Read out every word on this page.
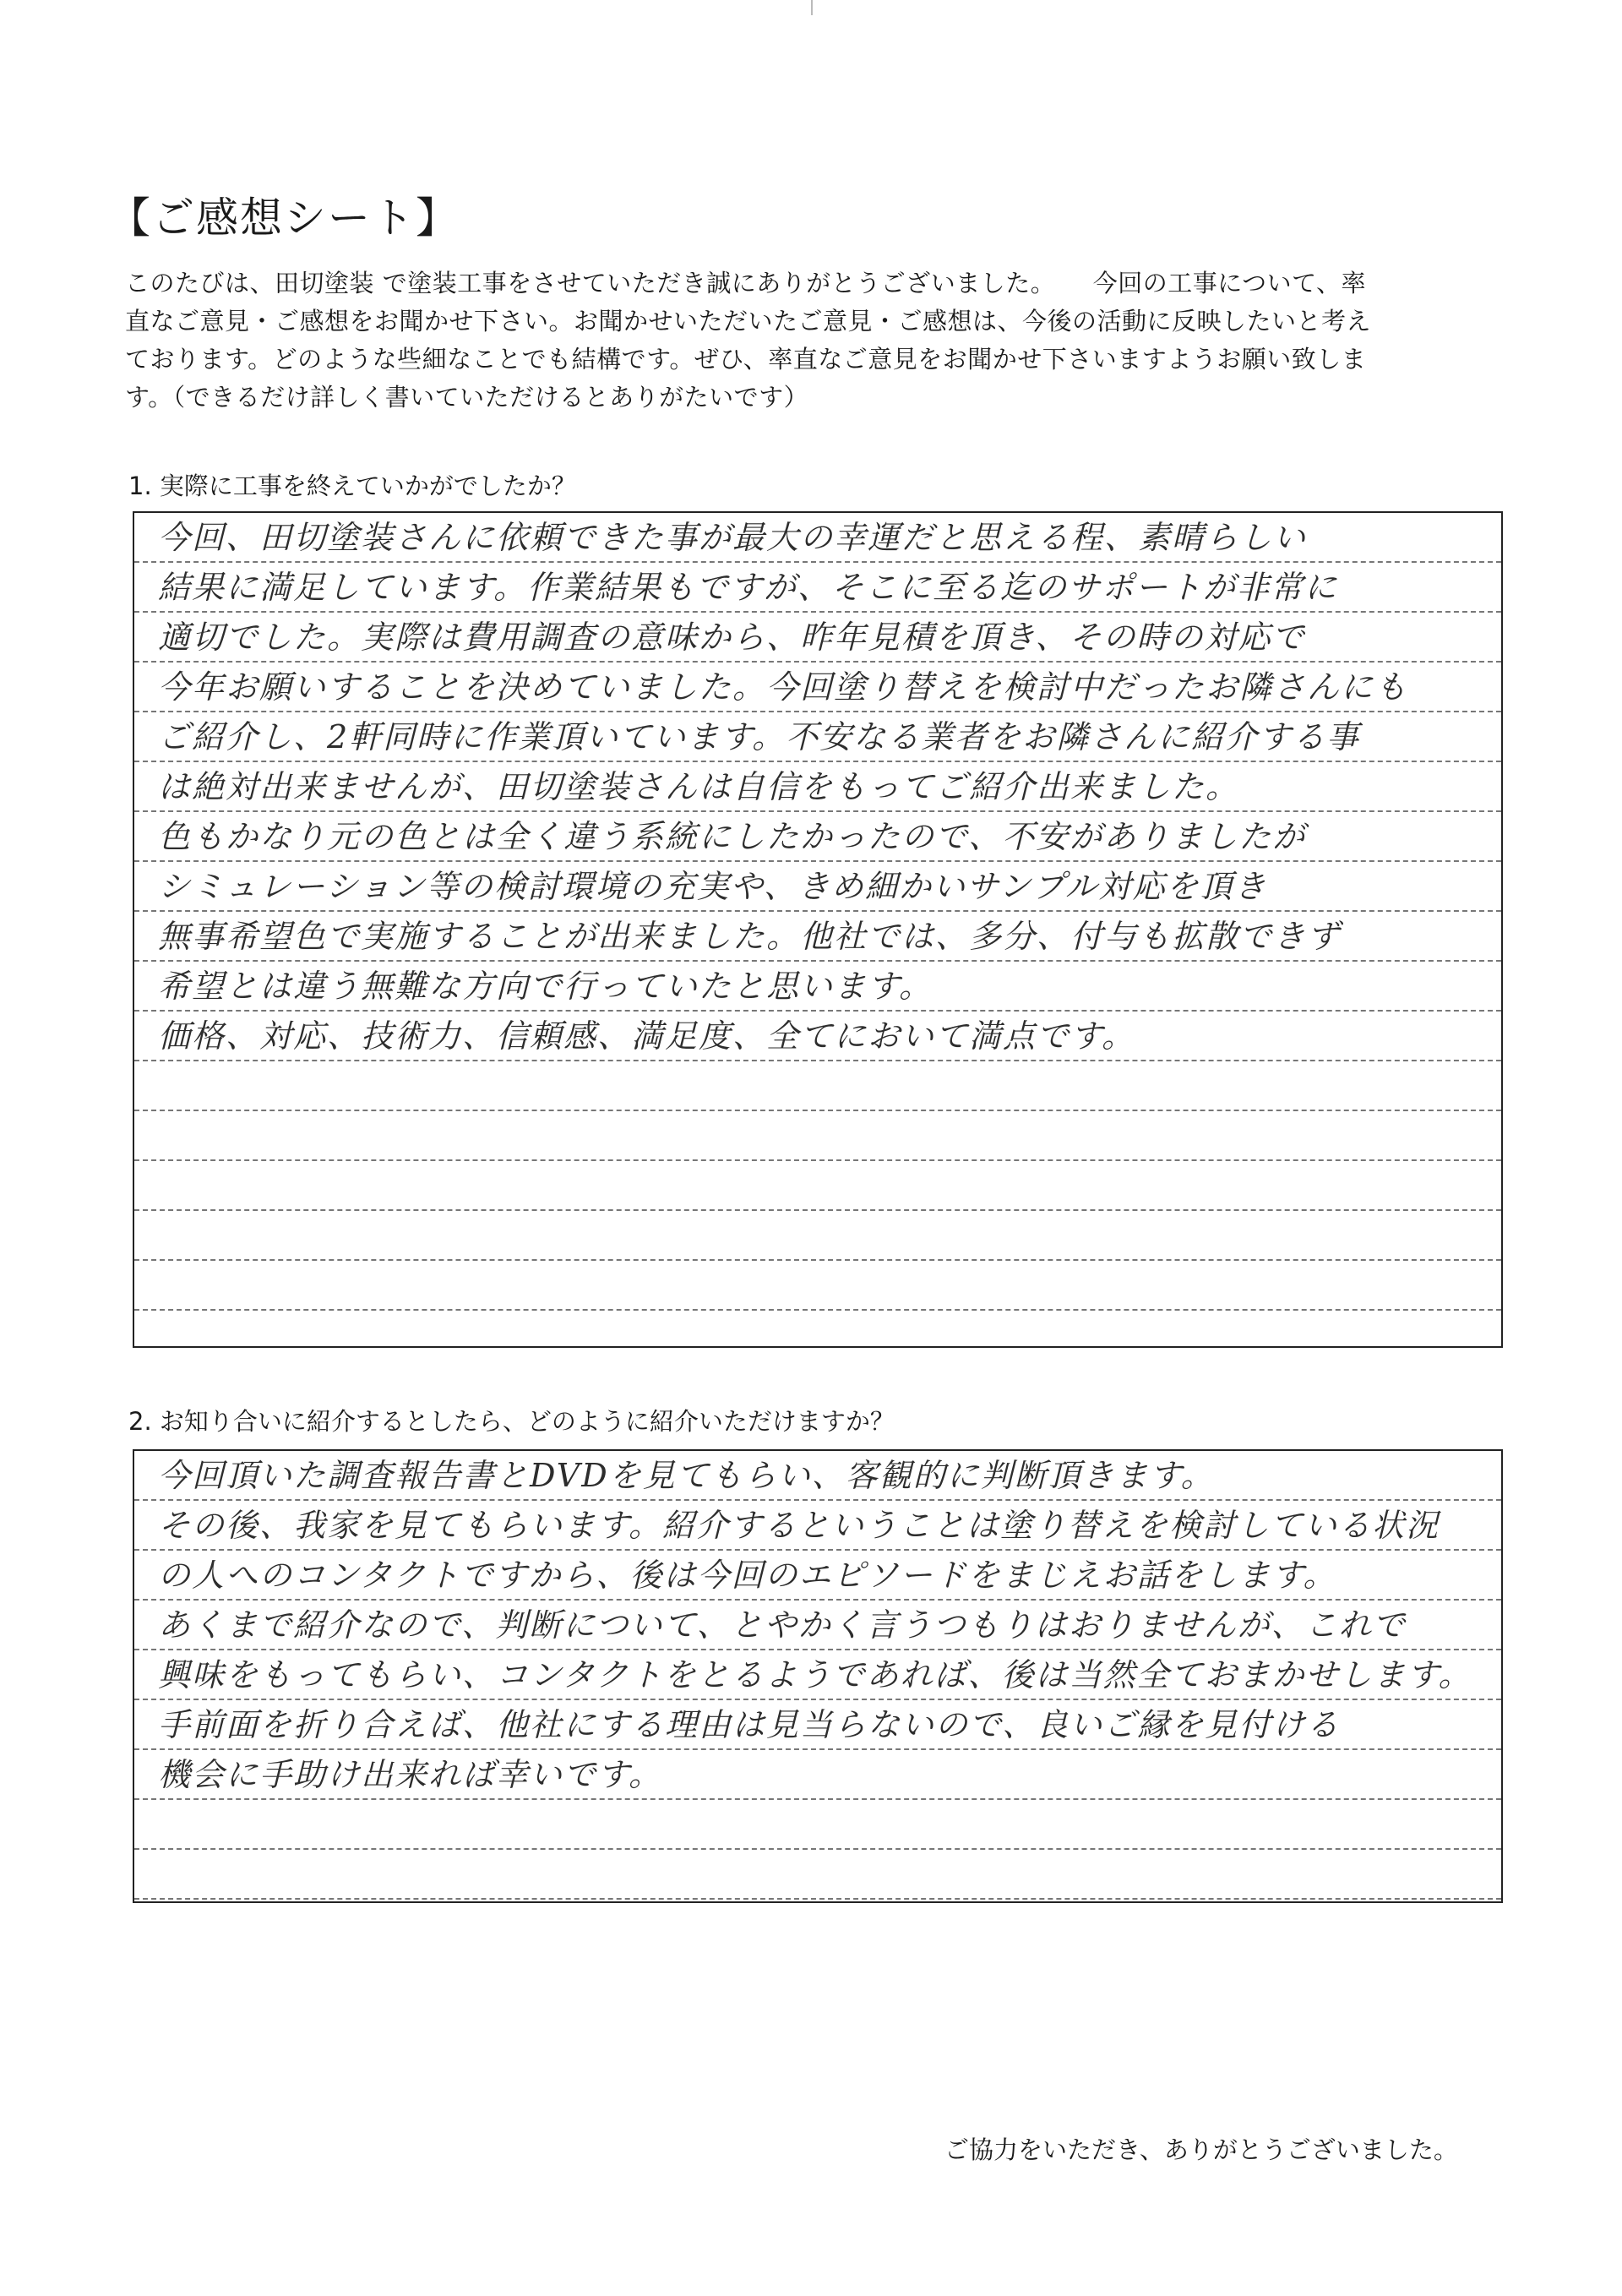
【ご感想シート】
このたびは、田切塗装 で塗装工事をさせていただき誠にありがとうございました。　　今回の工事について、率
直なご意見・ご感想をお聞かせ下さい。お聞かせいただいたご意見・ご感想は、今後の活動に反映したいと考え
ております。どのような些細なことでも結構です。ぜひ、率直なご意見をお聞かせ下さいますようお願い致しま
す。（できるだけ詳しく書いていただけるとありがたいです）
1. 実際に工事を終えていかがでしたか？
今回、田切塗装さんに依頼できた事が最大の幸運だと思える程、素晴らしい
結果に満足しています。作業結果もですが、そこに至る迄のサポートが非常に
適切でした。実際は費用調査の意味から、昨年見積を頂き、その時の対応で
今年お願いすることを決めていました。今回塗り替えを検討中だったお隣さんにも
ご紹介し、2軒同時に作業頂いています。不安なる業者をお隣さんに紹介する事
は絶対出来ませんが、田切塗装さんは自信をもってご紹介出来ました。
色もかなり元の色とは全く違う系統にしたかったので、不安がありましたが
シミュレーション等の検討環境の充実や、きめ細かいサンプル対応を頂き
無事希望色で実施することが出来ました。他社では、多分、付与も拡散できず
希望とは違う無難な方向で行っていたと思います。
価格、対応、技術力、信頼感、満足度、全てにおいて満点です。
2. お知り合いに紹介するとしたら、どのように紹介いただけますか？
今回頂いた調査報告書とDVDを見てもらい、客観的に判断頂きます。
その後、我家を見てもらいます。紹介するということは塗り替えを検討している状況
の人へのコンタクトですから、後は今回のエピソードをまじえお話をします。
あくまで紹介なので、判断について、とやかく言うつもりはおりませんが、これで
興味をもってもらい、コンタクトをとるようであれば、後は当然全ておまかせします。
手前面を折り合えば、他社にする理由は見当らないので、良いご縁を見付ける
機会に手助け出来れば幸いです。
ご協力をいただき、ありがとうございました。
